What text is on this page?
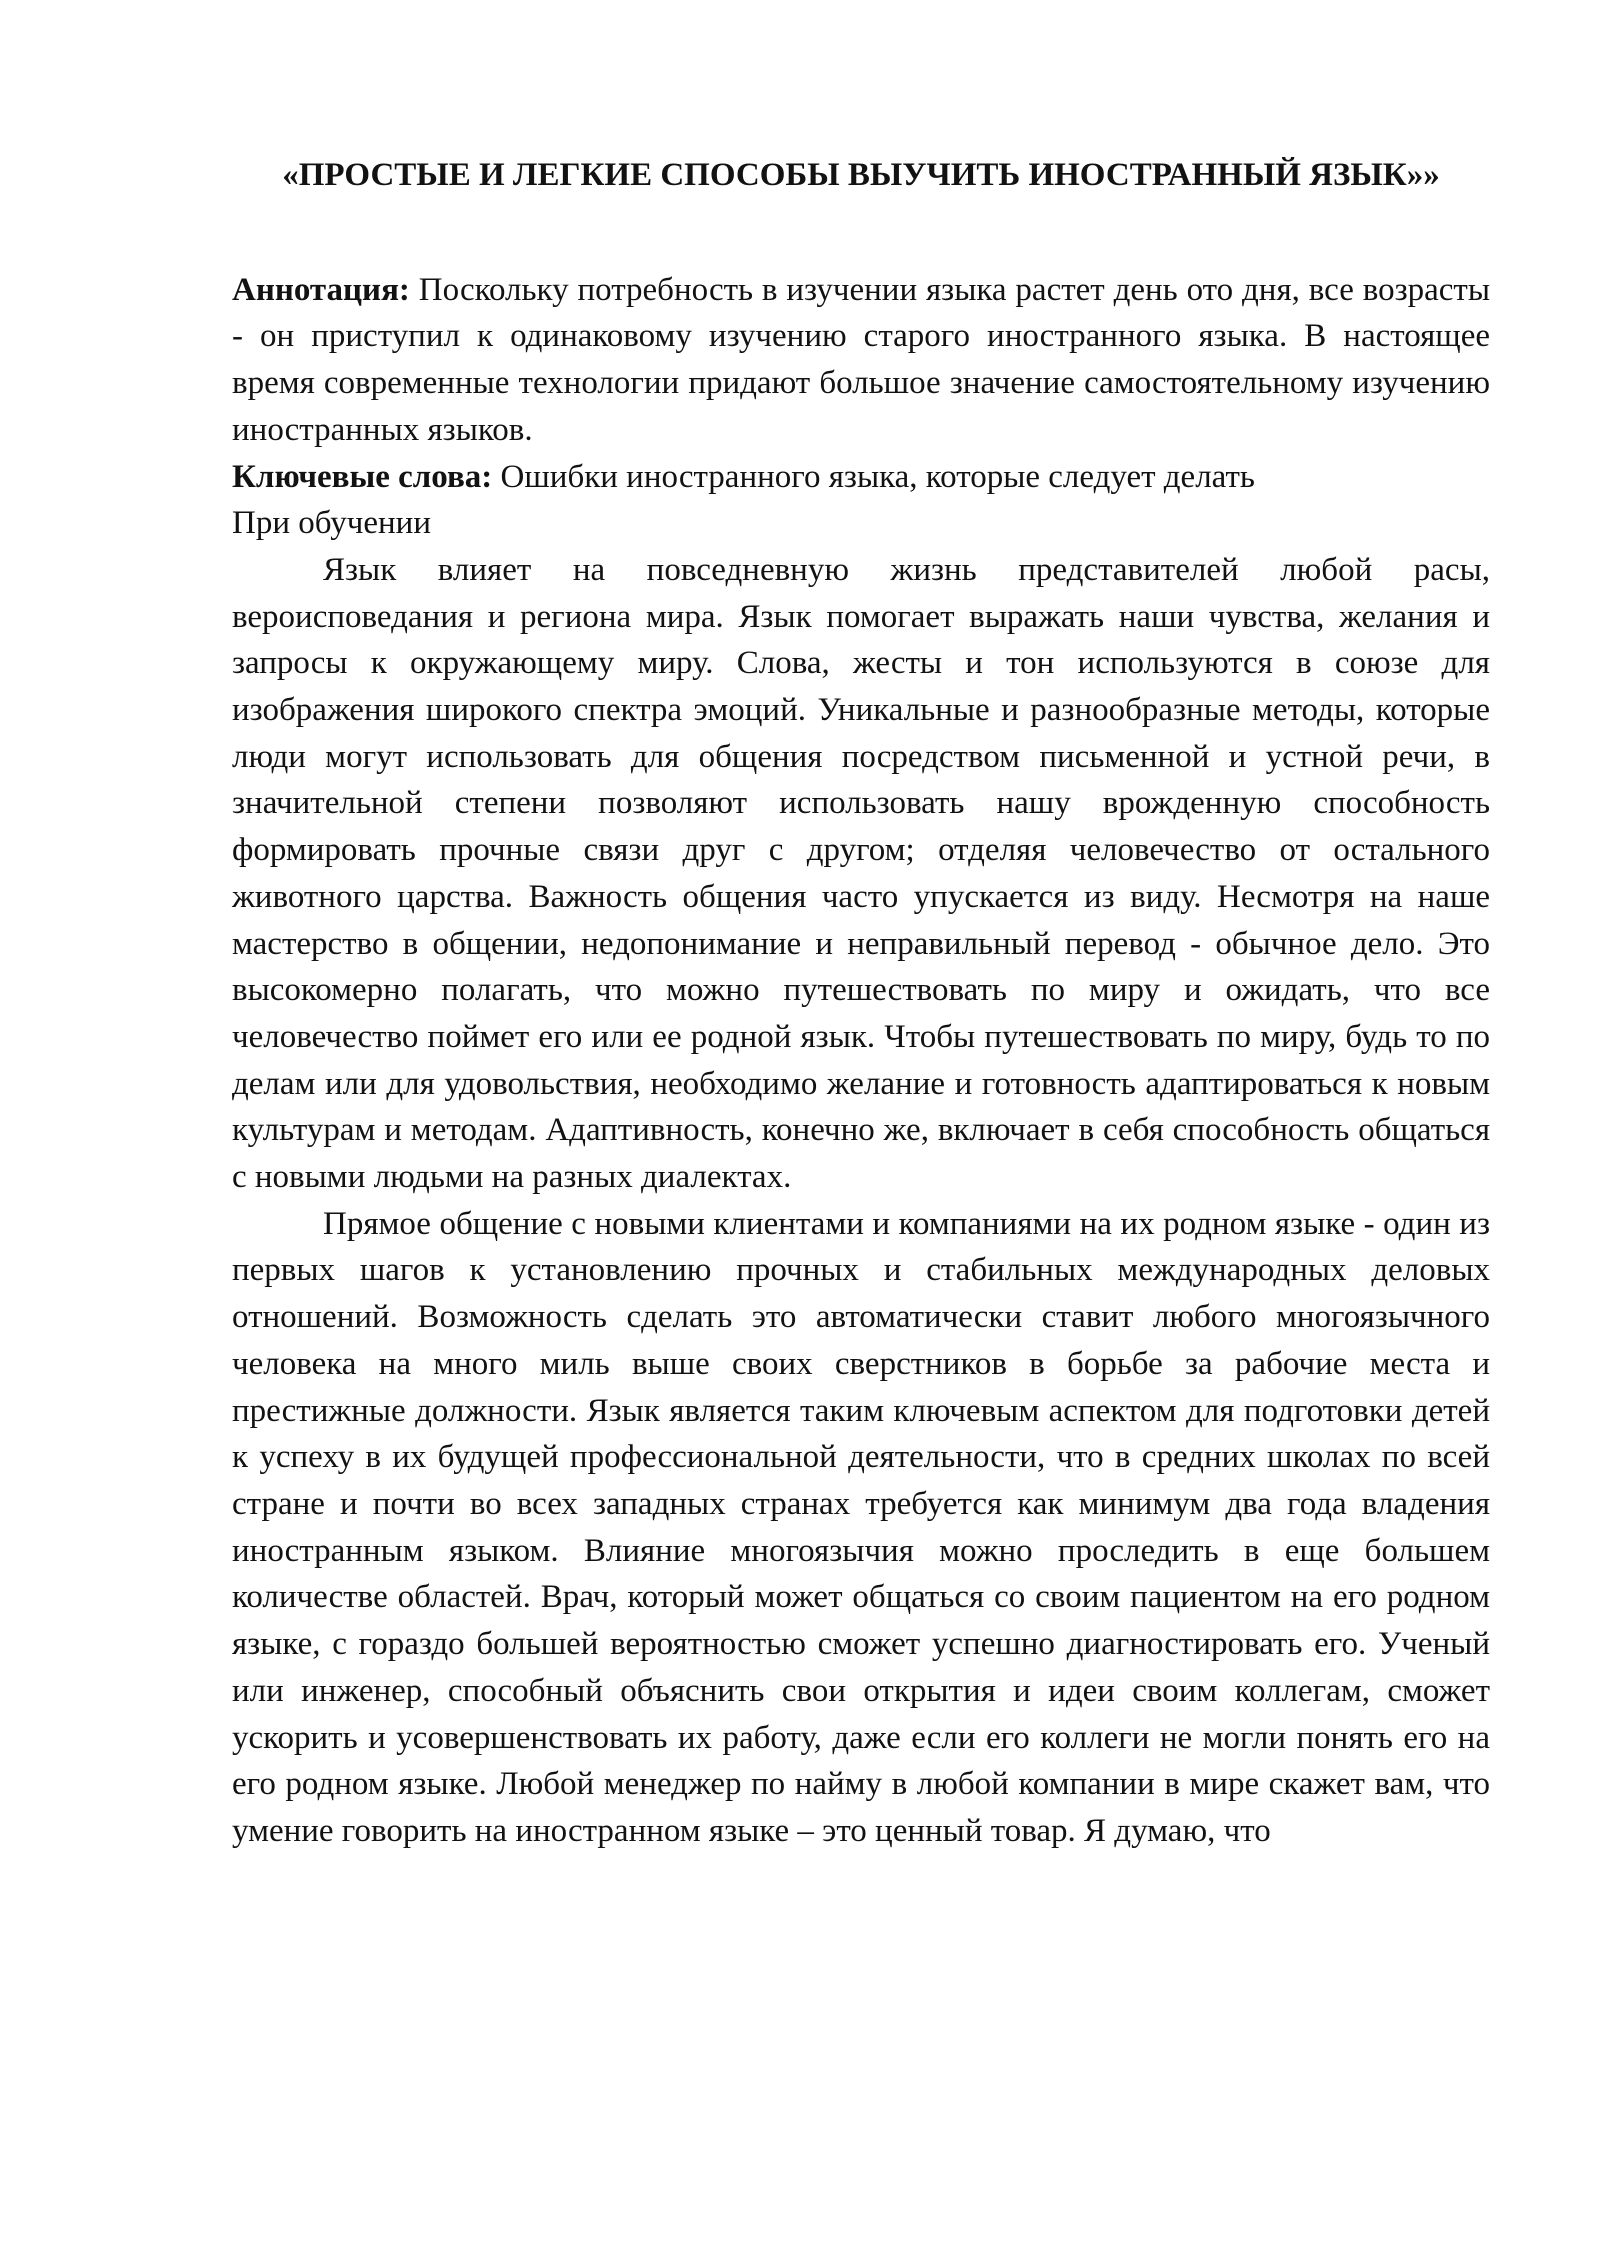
«ПРОСТЫЕ И ЛЕГКИЕ СПОСОБЫ ВЫУЧИТЬ ИНОСТРАННЫЙ ЯЗЫК»»

Аннотация: Поскольку потребность в изучении языка растет день ото дня, все возрасты - он приступил к одинаковому изучению старого иностранного языка. В настоящее время современные технологии придают большое значение самостоятельному изучению иностранных языков.

Ключевые слова: Ошибки иностранного языка, которые следует делать

При обучении

Язык влияет на повседневную жизнь представителей любой расы, вероисповедания и региона мира. Язык помогает выражать наши чувства, желания и запросы к окружающему миру. Слова, жесты и тон используются в союзе для изображения широкого спектра эмоций. Уникальные и разнообразные методы, которые люди могут использовать для общения посредством письменной и устной речи, в значительной степени позволяют использовать нашу врожденную способность формировать прочные связи друг с другом; отделяя человечество от остального животного царства. Важность общения часто упускается из виду. Несмотря на наше мастерство в общении, недопонимание и неправильный перевод - обычное дело. Это высокомерно полагать, что можно путешествовать по миру и ожидать, что все человечество поймет его или ее родной язык. Чтобы путешествовать по миру, будь то по делам или для удовольствия, необходимо желание и готовность адаптироваться к новым культурам и методам. Адаптивность, конечно же, включает в себя способность общаться с новыми людьми на разных диалектах.

Прямое общение с новыми клиентами и компаниями на их родном языке - один из первых шагов к установлению прочных и стабильных международных деловых отношений. Возможность сделать это автоматически ставит любого многоязычного человека на много миль выше своих сверстников в борьбе за рабочие места и престижные должности. Язык является таким ключевым аспектом для подготовки детей к успеху в их будущей профессиональной деятельности, что в средних школах по всей стране и почти во всех западных странах требуется как минимум два года владения иностранным языком. Влияние многоязычия можно проследить в еще большем количестве областей. Врач, который может общаться со своим пациентом на его родном языке, с гораздо большей вероятностью сможет успешно диагностировать его. Ученый или инженер, способный объяснить свои открытия и идеи своим коллегам, сможет ускорить и усовершенствовать их работу, даже если его коллеги не могли понять его на его родном языке. Любой менеджер по найму в любой компании в мире скажет вам, что умение говорить на иностранном языке – это ценный товар. Я думаю, что
